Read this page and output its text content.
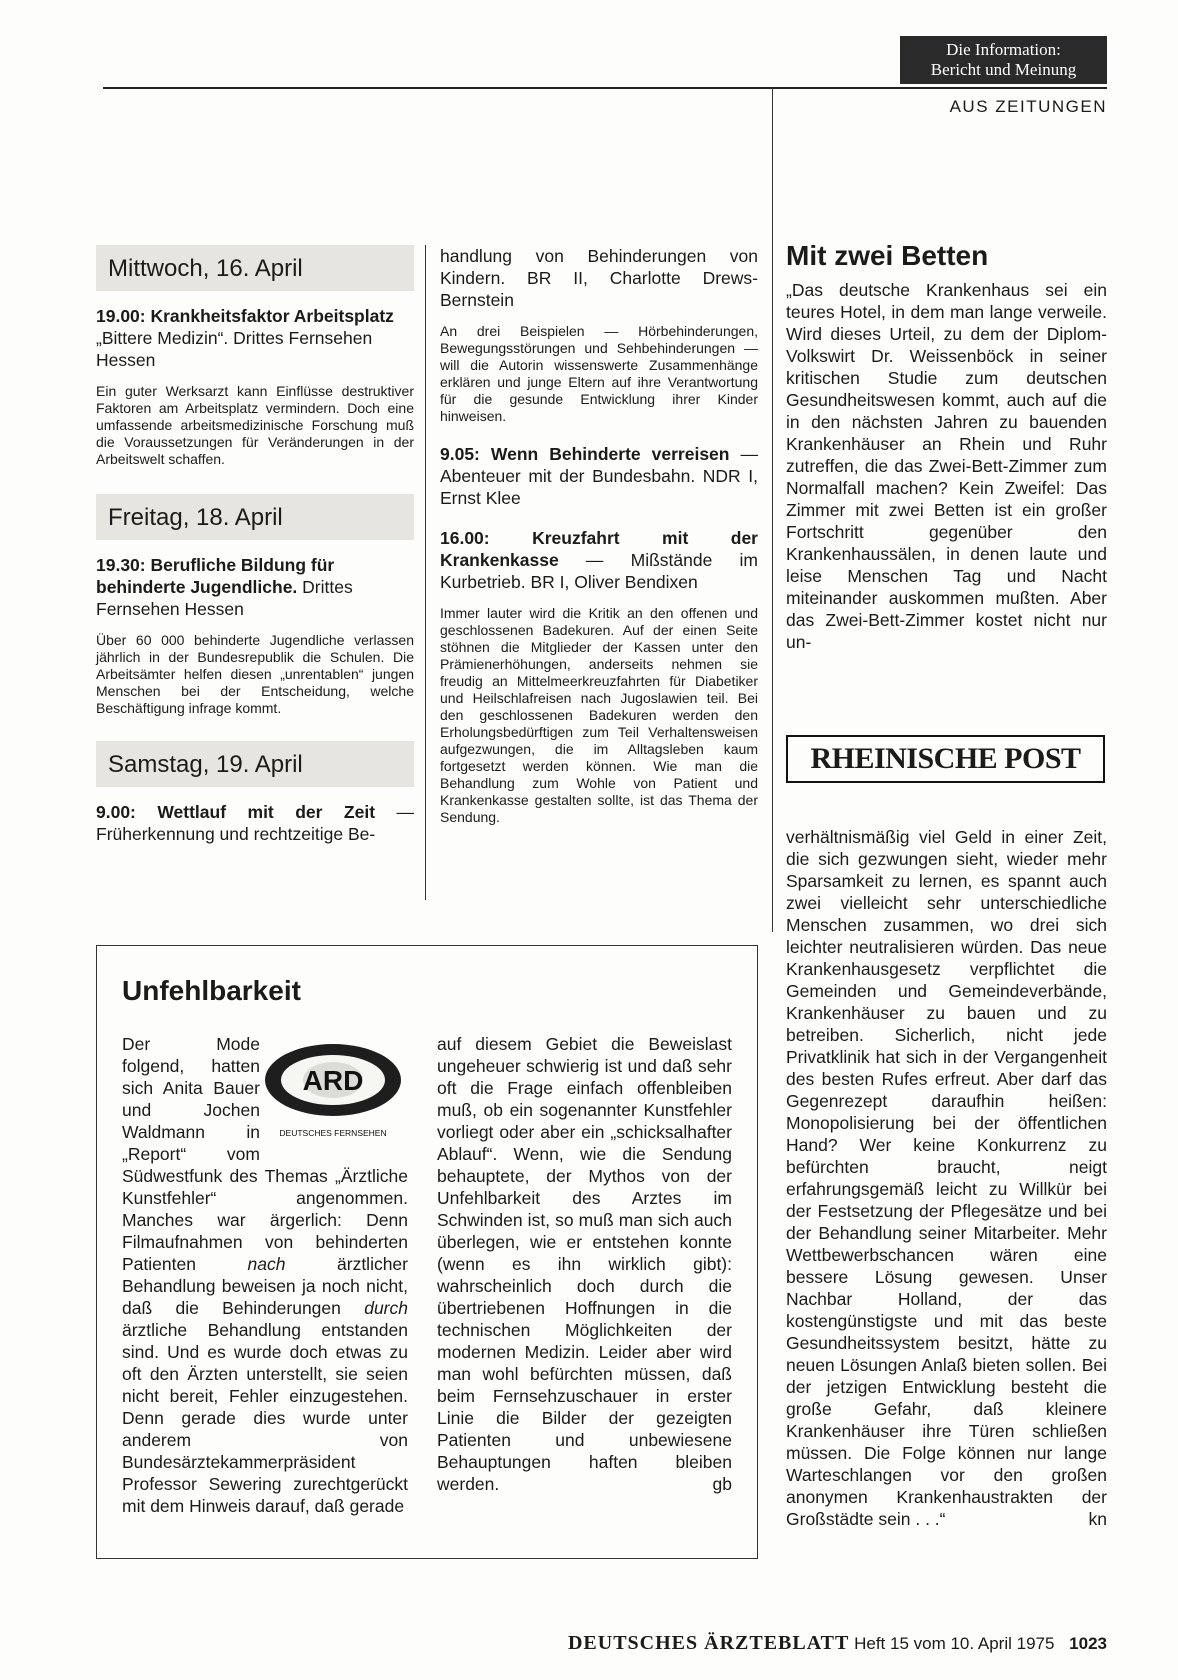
Die Information:
Bericht und Meinung
AUS ZEITUNGEN
Mittwoch, 16. April

19.00: Krankheitsfaktor Arbeitsplatz
„Bittere Medizin“. Drittes Fernsehen Hessen

Ein guter Werksarzt kann Einflüsse destruktiver Faktoren am Arbeitsplatz vermindern. Doch eine umfassende arbeitsmedizinische Forschung muß die Voraussetzungen für Veränderungen in der Arbeitswelt schaffen.

Freitag, 18. April

19.30: Berufliche Bildung für behinderte Jugendliche. Drittes Fernsehen Hessen

Über 60 000 behinderte Jugendliche verlassen jährlich in der Bundesrepublik die Schulen. Die Arbeitsämter helfen diesen „unrentablen“ jungen Menschen bei der Entscheidung, welche Beschäftigung infrage kommt.

Samstag, 19. April

9.00: Wettlauf mit der Zeit — Früherkennung und rechtzeitige Be-

handlung von Behinderungen von Kindern. BR II, Charlotte Drews-Bernstein

An drei Beispielen — Hörbehinderungen, Bewegungsstörungen und Sehbehinderungen — will die Autorin wissenswerte Zusammenhänge erklären und junge Eltern auf ihre Verantwortung für die gesunde Entwicklung ihrer Kinder hinweisen.

9.05: Wenn Behinderte verreisen — Abenteuer mit der Bundesbahn. NDR I, Ernst Klee

16.00: Kreuzfahrt mit der Krankenkasse — Mißstände im Kurbetrieb. BR I, Oliver Bendixen

Immer lauter wird die Kritik an den offenen und geschlossenen Badekuren. Auf der einen Seite stöhnen die Mitglieder der Kassen unter den Prämienerhöhungen, anderseits nehmen sie freudig an Mittelmeerkreuzfahrten für Diabetiker und Heilschlafreisen nach Jugoslawien teil. Bei den geschlossenen Badekuren werden den Erholungsbedürftigen zum Teil Verhaltensweisen aufgezwungen, die im Alltagsleben kaum fortgesetzt werden können. Wie man die Behandlung zum Wohle von Patient und Krankenkasse gestalten sollte, ist das Thema der Sendung.

Mit zwei Betten

„Das deutsche Krankenhaus sei ein teures Hotel, in dem man lange verweile. Wird dieses Urteil, zu dem der Diplom-Volkswirt Dr. Weissenböck in seiner kritischen Studie zum deutschen Gesundheitswesen kommt, auch auf die in den nächsten Jahren zu bauenden Krankenhäuser an Rhein und Ruhr zutreffen, die das Zwei-Bett-Zimmer zum Normalfall machen? Kein Zweifel: Das Zimmer mit zwei Betten ist ein großer Fortschritt gegenüber den Krankenhaussälen, in denen laute und leise Menschen Tag und Nacht miteinander auskommen mußten. Aber das Zwei-Bett-Zimmer kostet nicht nur un-

RHEINISCHE POST
verhältnismäßig viel Geld in einer Zeit, die sich gezwungen sieht, wieder mehr Sparsamkeit zu lernen, es spannt auch zwei vielleicht sehr unterschiedliche Menschen zusammen, wo drei sich leichter neutralisieren würden. Das neue Krankenhausgesetz verpflichtet die Gemeinden und Gemeindeverbände, Krankenhäuser zu bauen und zu betreiben. Sicherlich, nicht jede Privatklinik hat sich in der Vergangenheit des besten Rufes erfreut. Aber darf das Gegenrezept daraufhin heißen: Monopolisierung bei der öffentlichen Hand? Wer keine Konkurrenz zu befürchten braucht, neigt erfahrungsgemäß leicht zu Willkür bei der Festsetzung der Pflegesätze und bei der Behandlung seiner Mitarbeiter. Mehr Wettbewerbschancen wären eine bessere Lösung gewesen. Unser Nachbar Holland, der das kostengünstigste und mit das beste Gesundheitssystem besitzt, hätte zu neuen Lösungen Anlaß bieten sollen. Bei der jetzigen Entwicklung besteht die große Gefahr, daß kleinere Krankenhäuser ihre Türen schließen müssen. Die Folge können nur lange Warteschlangen vor den großen anonymen Krankenhaustrakten der Großstädte sein . . .“	kn
Unfehlbarkeit
ARD
DEUTSCHES FERNSEHEN
Der Mode folgend, hatten sich Anita Bauer und Jochen Waldmann in „Report“ vom Südwestfunk des Themas „Ärztliche Kunstfehler“ angenommen. Manches war ärgerlich: Denn Filmaufnahmen von behinderten Patienten nach ärztlicher Behandlung beweisen ja noch nicht, daß die Behinderungen durch ärztliche Behandlung entstanden sind. Und es wurde doch etwas zu oft den Ärzten unterstellt, sie seien nicht bereit, Fehler einzugestehen. Denn gerade dies wurde unter anderem von Bundesärztekammerpräsident Professor Sewering zurechtgerückt mit dem Hinweis darauf, daß gerade
auf diesem Gebiet die Beweislast ungeheuer schwierig ist und daß sehr oft die Frage einfach offenbleiben muß, ob ein sogenannter Kunstfehler vorliegt oder aber ein „schicksalhafter Ablauf“. Wenn, wie die Sendung behauptete, der Mythos von der Unfehlbarkeit des Arztes im Schwinden ist, so muß man sich auch überlegen, wie er entstehen konnte (wenn es ihn wirklich gibt): wahrscheinlich doch durch die übertriebenen Hoffnungen in die technischen Möglichkeiten der modernen Medizin. Leider aber wird man wohl befürchten müssen, daß beim Fernsehzuschauer in erster Linie die Bilder der gezeigten Patienten und unbewiesene Behauptungen haften bleiben werden.	gb
DEUTSCHES ÄRZTEBLATT Heft 15 vom 10. April 1975 1023
